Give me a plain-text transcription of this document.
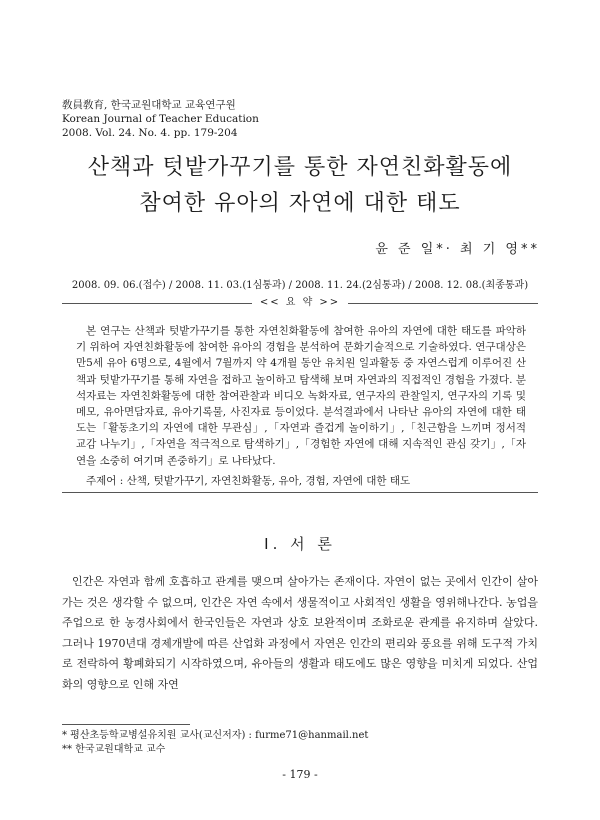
敎員敎育, 한국교원대학교 교육연구원
Korean Journal of Teacher Education
2008. Vol. 24. No. 4. pp. 179-204
산책과 텃밭가꾸기를 통한 자연친화활동에
참여한 유아의 자연에 대한 태도
윤 준 일*· 최 기 영**
2008. 09. 06.(접수) / 2008. 11. 03.(1심통과) / 2008. 11. 24.(2심통과) / 2008. 12. 08.(최종통과)
<< 요 약 >>

본 연구는 산책과 텃밭가꾸기를 통한 자연친화활동에 참여한 유아의 자연에 대한 태도를 파악하기 위하여 자연친화활동에 참여한 유아의 경험을 분석하여 문화기술적으로 기술하였다. 연구대상은 만5세 유아 6명으로, 4월에서 7월까지 약 4개월 동안 유치원 일과활동 중 자연스럽게 이루어진 산책과 텃밭가꾸기를 통해 자연을 접하고 놀이하고 탐색해 보며 자연과의 직접적인 경험을 가졌다. 분석자료는 자연친화활동에 대한 참여관찰과 비디오 녹화자료, 연구자의 관찰일지, 연구자의 기록 및 메모, 유아면담자료, 유아기록물, 사진자료 등이었다. 분석결과에서 나타난 유아의 자연에 대한 태도는「활동초기의 자연에 대한 무관심」,「자연과 즐겁게 놀이하기」,「친근함을 느끼며 정서적 교감 나누기」,「자연을 적극적으로 탐색하기」,「경험한 자연에 대해 지속적인 관심 갖기」,「자연을 소중히 여기며 존중하기」로 나타났다.

주제어 : 산책, 텃밭가꾸기, 자연친화활동, 유아, 경험, 자연에 대한 태도
Ⅰ. 서 론

인간은 자연과 함께 호흡하고 관계를 맺으며 살아가는 존재이다. 자연이 없는 곳에서 인간이 살아가는 것은 생각할 수 없으며, 인간은 자연 속에서 생물적이고 사회적인 생활을 영위해나간다. 농업을 주업으로 한 농경사회에서 한국인들은 자연과 상호 보완적이며 조화로운 관계를 유지하며 살았다. 그러나 1970년대 경제개발에 따른 산업화 과정에서 자연은 인간의 편리와 풍요를 위해 도구적 가치로 전락하여 황폐화되기 시작하였으며, 유아들의 생활과 태도에도 많은 영향을 미치게 되었다. 산업화의 영향으로 인해 자연

* 평산초등학교병설유치원 교사(교신저자) : furme71@hanmail.net
** 한국교원대학교 교수
- 179 -
